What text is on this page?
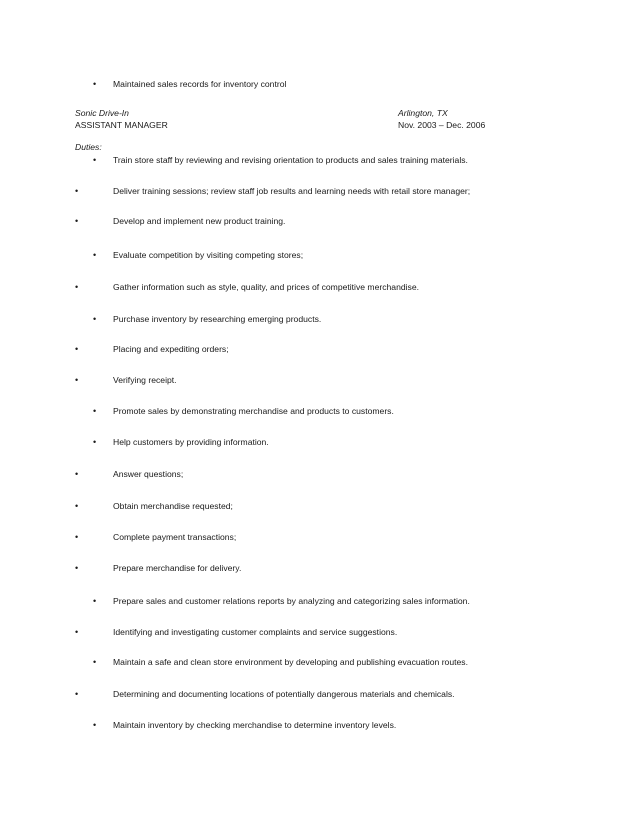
• Maintained sales records for inventory control
Sonic Drive-In	Arlington, TX
ASSISTANT MANAGER	Nov. 2003 – Dec. 2006
Duties:
• Train store staff by reviewing and revising orientation to products and sales training materials.
•	Deliver training sessions; review staff job results and learning needs with retail store manager;
•	Develop and implement new product training.
• Evaluate competition by visiting competing stores;
•	Gather information such as style, quality, and prices of competitive merchandise.
• Purchase inventory by researching emerging products.
•	Placing and expediting orders;
•	Verifying receipt.
• Promote sales by demonstrating merchandise and products to customers.
• Help customers by providing information.
•	Answer questions;
•	Obtain merchandise requested;
•	Complete payment transactions;
•	Prepare merchandise for delivery.
• Prepare sales and customer relations reports by analyzing and categorizing sales information.
•	Identifying and investigating customer complaints and service suggestions.
• Maintain a safe and clean store environment by developing and publishing evacuation routes.
•	Determining and documenting locations of potentially dangerous materials and chemicals.
• Maintain inventory by checking merchandise to determine inventory levels.
